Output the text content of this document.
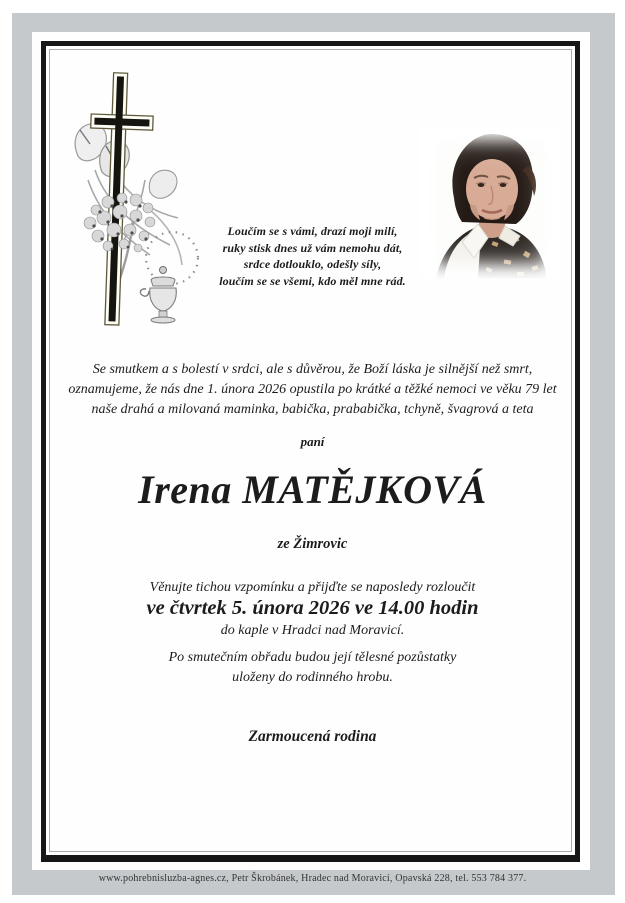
Loučím se s vámi, drazí moji milí,
ruky stisk dnes už vám nemohu dát,
srdce dotlouklo, odešly síly,
loučím se se všemi, kdo měl mne rád.
Se smutkem a s bolestí v srdci, ale s důvěrou, že Boží láska je silnější než smrt,
oznamujeme, že nás dne 1. února 2026 opustila po krátké a těžké nemoci ve věku 79 let
naše drahá a milovaná maminka, babička, prababička, tchyně, švagrová a teta
paní
Irena MATĚJKOVÁ
ze Žimrovic
Věnujte tichou vzpomínku a přijďte se naposledy rozloučit
ve čtvrtek 5. února 2026 ve 14.00 hodin
do kaple v Hradci nad Moravicí.
Po smutečním obřadu budou její tělesné pozůstatky
uloženy do rodinného hrobu.
Zarmoucená rodina
www.pohrebnisluzba-agnes.cz, Petr Škrobánek, Hradec nad Moravicí, Opavská 228, tel. 553 784 377.
